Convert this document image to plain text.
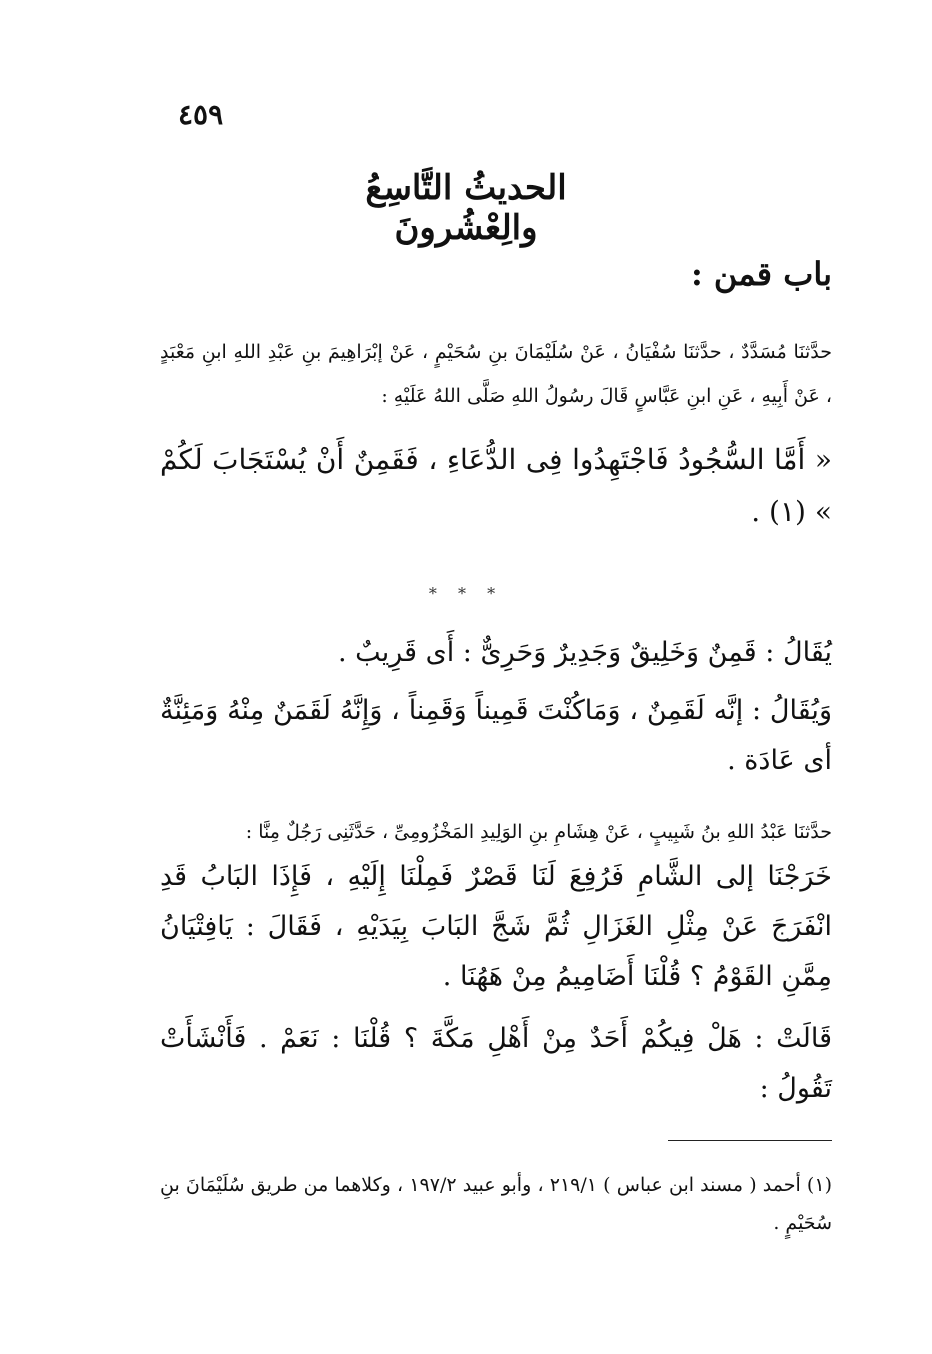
٤٥٩
الحديثُ التَّاسِعُ والِعْشُرونَ
باب قمن :

حدَّثنَا مُسَدَّدٌ ، حدَّثنَا سُفْيَانُ ، عَنْ سُلَيْمَانَ بنِ سُحَيْمٍ ، عَنْ إبْرَاهِيمَ بنِ عَبْدِ اللهِ ابنِ مَعْبَدٍ ، عَنْ أَبِيهِ ، عَنِ ابنِ عَبَّاسٍ قَالَ رسُولُ اللهِ صَلَّى اللهُ عَلَيْهِ :

« أَمَّا السُّجُودُ فَاجْتَهِدُوا فِى الدُّعَاءِ ، فَقَمِنٌ أَنْ يُسْتَجَابَ لَكُمْ » (١) .

* * *

يُقَالُ : قَمِنٌ وَخَلِيقٌ وَجَدِيرٌ وَحَرِىٌّ : أَى قَرِيبٌ .

وَيُقَالُ : إنَّه لَقَمِنٌ ، وَمَاكُنْتَ قَمِيناً وَقَمِناً ، وَإِنَّهُ لَقَمَنٌ مِنْهُ وَمَئِنَّةٌ أى عَادَة .

حدَّثنَا عَبْدُ اللهِ بنُ شَبِيبٍ ، عَنْ هِشَامِ بنِ الوَلِيدِ المَخْزُومِىِّ ، حَدَّثَنِى رَجُلٌ مِنَّا :

خَرَجْنَا إلى الشَّامِ فَرُفِعَ لَنَا قَصْرٌ فَمِلْنَا إِلَيْهِ ، فَإِذَا البَابُ قَدِ انْفَرَجَ عَنْ مِثْلِ الغَزَالِ ثُمَّ شَجَّ البَابَ بِيَدَيْهِ ، فَقَالَ : يَافِتْيَانُ مِمَّنِ القَوْمُ ؟ قُلْنَا أَضَامِيمُ مِنْ هَهُنَا .

قَالَتْ : هَلْ فِيكُمْ أَحَدٌ مِنْ أَهْلِ مَكَّةَ ؟ قُلْنَا : نَعَمْ . فَأَنْشَأَتْ تَقُولُ :

(١) أحمد ( مسند ابن عباس ) ٢١٩/١ ، وأبو عبيد ١٩٧/٢ ، وكلاهما من طريق سُلَيْمَانَ بنِ سُحَيْمٍ .
